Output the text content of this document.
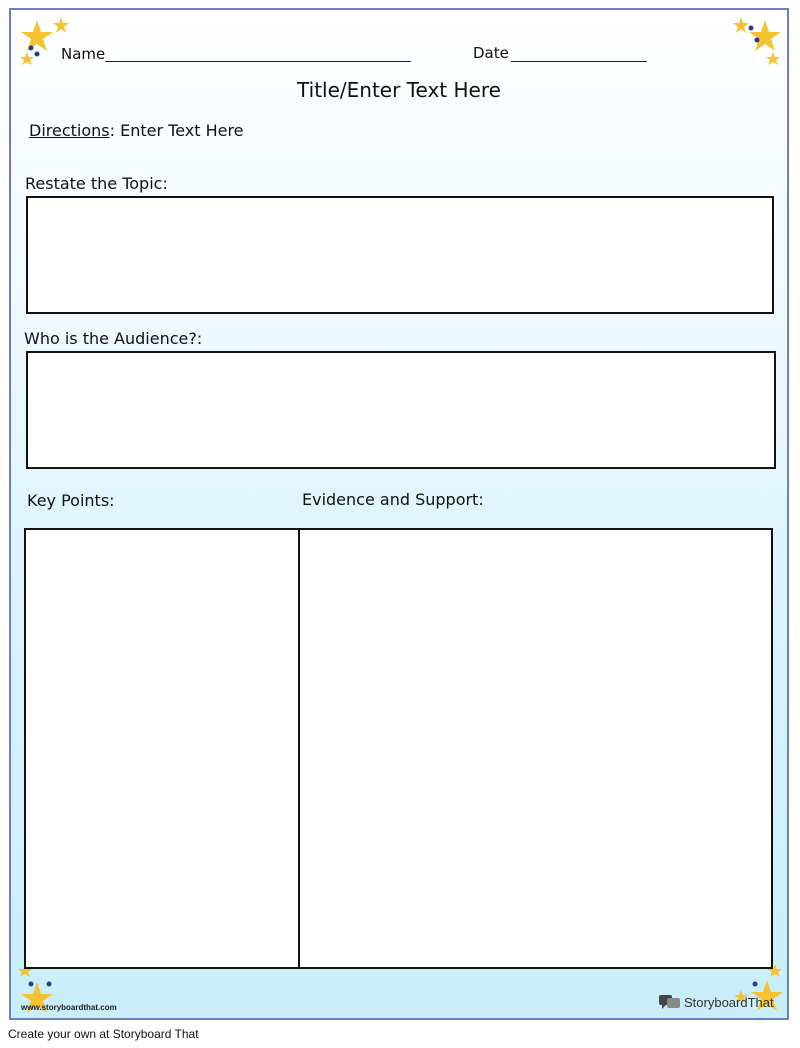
Name	Date
Title/Enter Text Here
Directions: Enter Text Here
Restate the Topic:
Who is the Audience?:
Key Points:	Evidence and Support:
www.storyboardthat.com	StoryboardThat
Create your own at Storyboard That
